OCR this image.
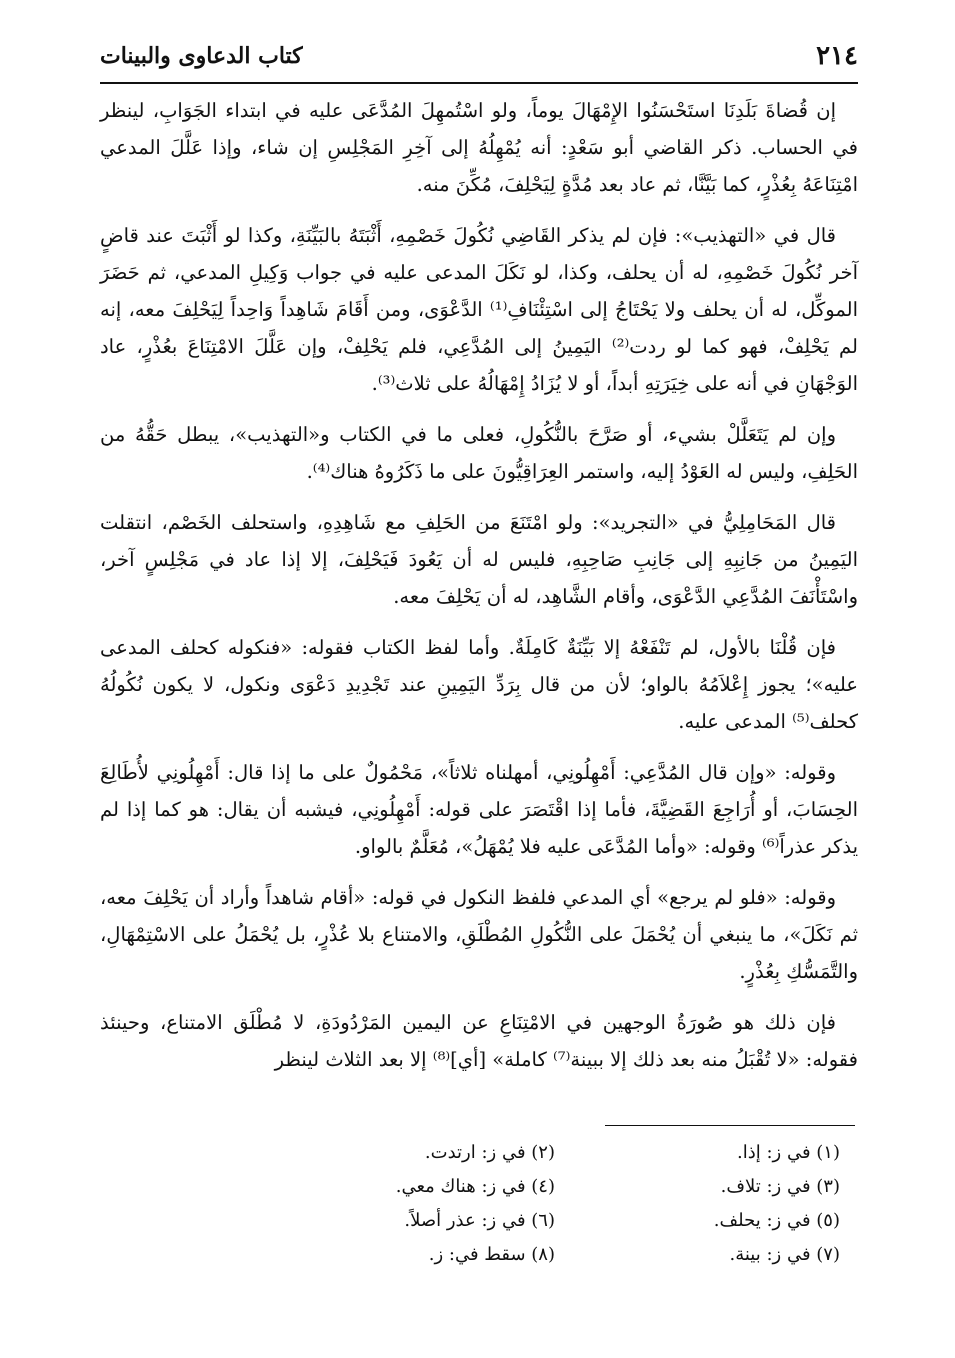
٢١٤
كتاب الدعاوى والبينات

إن قُضاةَ بَلَدِنَا استَحْسَنُوا الإِمْهَالَ يوماً، ولو اسْتُمهِلَ المُدَّعَى عليه في ابتداء الجَوَابِ، لينظر في الحساب. ذكر القاضي أبو سَعْدٍ: أنه يُمْهِلُهُ إلى آخِرِ المَجْلِسِ إن شاء، وإذا عَلَّلَ المدعي امْتِنَاعَهُ بِعُذْرٍ، كما بَيَّنَّا، ثم عاد بعد مُدَّةٍ لِيَحْلِفَ، مُكِّنَ منه.

قال في «التهذيب»: فإن لم يذكر القَاضِي نُكُولَ خَصْمِهِ، أَثْبَتَهُ بالبَيِّنَةِ، وكذا لو أَثْبَتَ عند قاضٍ آخر نُكُولَ خَصْمِهِ، له أن يحلف، وكذا، لو نَكَلَ المدعى عليه في جواب وَكِيلِ المدعي، ثم حَضَرَ الموكِّل، له أن يحلف ولا يَحْتَاجُ إلى اسْتِئْنَافِ⁽¹⁾ الدَّعْوَى، ومن أَقَامَ شَاهِداً وَاحِداً لِيَحْلِفَ معه، إنه لم يَحْلِفْ، فهو كما لو ردت⁽²⁾ اليَمِينُ إلى المُدَّعِي، فلم يَحْلِفْ، وإن عَلَّلَ الامْتِنَاعَ بعُذْرٍ، عاد الوَجْهَانِ في أنه على خِيَرَتِهِ أبداً، أو لا يُزَادُ إِمْهَالُهُ على ثلاث⁽³⁾.

وإن لم يَتَعَلَّلْ بشيء، أو صَرَّحَ بالنُّكُولِ، فعلى ما في الكتاب و«التهذيب»، يبطل حَقُّهُ من الحَلِفِ، وليس له العَوْدُ إليه، واستمر العِرَاقِيُّونَ على ما ذَكَرُوهُ هناك⁽⁴⁾.

قال المَحَامِلِيُّ في «التجريد»: ولو امْتَنَعَ من الحَلِفِ مع شَاهِدِهِ، واستحلف الخَصْم، انتقلت اليَمِينُ من جَانِبِهِ إلى جَانِبِ صَاحِبِهِ، فليس له أن يَعُودَ فَيَحْلِفَ، إلا إذا عاد في مَجْلِسٍ آخر، واسْتَأْنَفَ المُدَّعِي الدَّعْوَى، وأقام الشَّاهِد، له أن يَحْلِفَ معه.

فإن قُلْنَا بالأول، لم تَنْفَعْهُ إلا بَيِّنَةٌ كَامِلَةٌ. وأما لفظ الكتاب فقوله: «فنكوله كحلف المدعى عليه»؛ يجوز إِعْلاَمُهُ بالواو؛ لأن من قال بِرَدِّ اليَمِينِ عند تَجْدِيدِ دَعْوَى ونكول، لا يكون نُكُولُهُ كحلف⁽⁵⁾ المدعى عليه.

وقوله: «وإن قال المُدَّعِي: أَمْهِلُونِي، أمهلناه ثلاثاً»، مَحْمُولٌ على ما إذا قال: أَمْهِلُونِي لأُطَالِعَ الحِسَابَ، أو أُرَاجِعَ القَضِيَّةَ، فأما إذا اقْتَصَرَ على قوله: أَمْهِلُونِي، فيشبه أن يقال: هو كما إذا لم يذكر عذراً⁽⁶⁾ وقوله: «وأما المُدَّعَى عليه فلا يُمْهَلُ»، مُعَلَّمٌ بالواو.

وقوله: «فلو لم يرجع» أي المدعي فلفظ النكول في قوله: «أقام شاهداً وأراد أن يَحْلِفَ معه، ثم نَكَلَ»، ما ينبغي أن يُحْمَلَ على النُّكُولِ المُطْلَقِ، والامتناع بلا عُذْرٍ، بل يُحْمَلُ على الاسْتِمْهَالِ، والتَّمَسُّكِ بِعُذْرٍ.

فإن ذلك هو صُورَةُ الوجهين في الامْتِنَاعِ عن اليمين المَرْدُودَةِ، لا مُطْلَق الامتناع، وحينئذ فقوله: «لا تُقْبَلُ منه بعد ذلك إلا ببينة⁽⁷⁾ كاملة» [أي]⁽⁸⁾ إلا بعد الثلاث لينظر

(١) في ز: إذا.
(٢) في ز: ارتدت.
(٣) في ز: تلاف.
(٤) في ز: هناك معي.
(٥) في ز: يحلف.
(٦) في ز: عذر أصلاً.
(٧) في ز: بينة.
(٨) سقط في: ز.
